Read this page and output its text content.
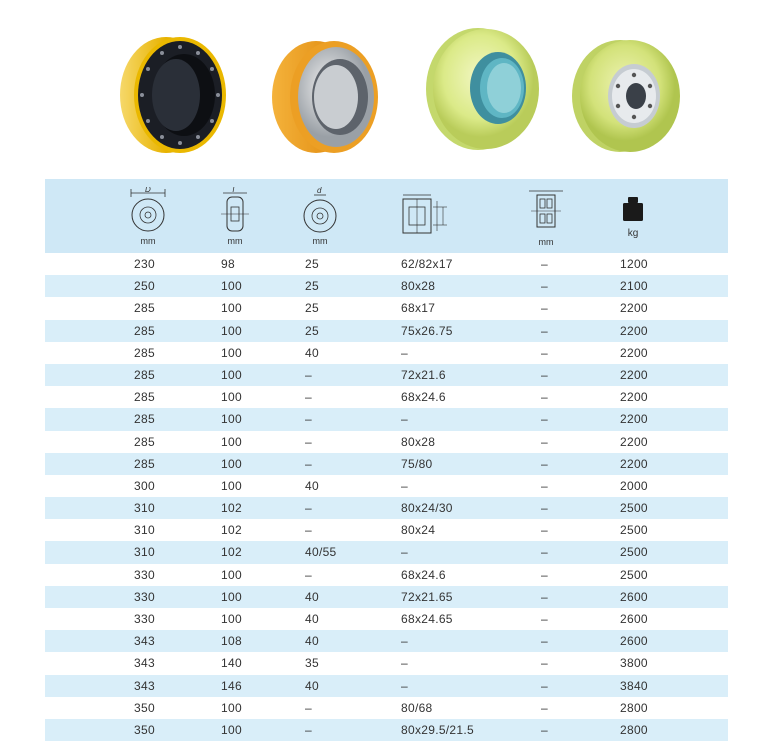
D
mm
T
mm
d
mm	mm
kg
230	98	25	62/82x17	–	1200
250	100	25	80x28	–	2100
285	100	25	68x17	–	2200
285	100	25	75x26.75	–	2200
285	100	40	–	–	2200
285	100	–	72x21.6	–	2200
285	100	–	68x24.6	–	2200
285	100	–	–	–	2200
285	100	–	80x28	–	2200
285	100	–	75/80	–	2200
300	100	40	–	–	2000
310	102	–	80x24/30	–	2500
310	102	–	80x24	–	2500
310	102	40/55	–	–	2500
330	100	–	68x24.6	–	2500
330	100	40	72x21.65	–	2600
330	100	40	68x24.65	–	2600
343	108	40	–	–	2600
343	140	35	–	–	3800
343	146	40	–	–	3840
350	100	–	80/68	–	2800
350	100	–	80x29.5/21.5	–	2800
